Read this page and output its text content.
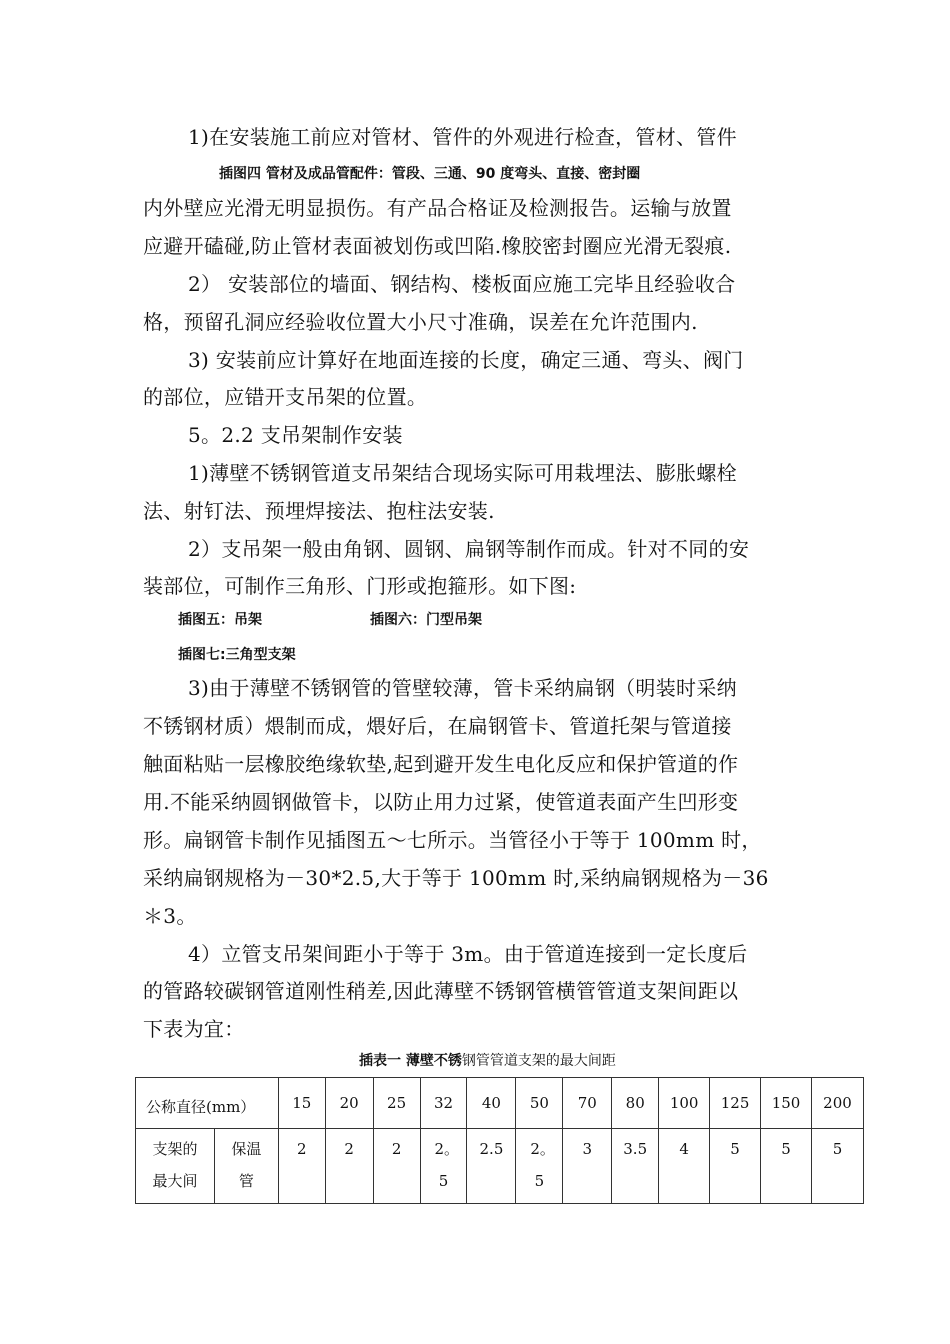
1)在安装施工前应对管材、管件的外观进行检查，管材、管件
插图四 管材及成品管配件：管段、三通、90 度弯头、直接、密封圈
内外壁应光滑无明显损伤。有产品合格证及检测报告。运输与放置
应避开磕碰,防止管材表面被划伤或凹陷.橡胶密封圈应光滑无裂痕.
2） 安装部位的墙面、钢结构、楼板面应施工完毕且经验收合
格，预留孔洞应经验收位置大小尺寸准确，误差在允许范围内.
3) 安装前应计算好在地面连接的长度，确定三通、弯头、阀门
的部位，应错开支吊架的位置。
5。2.2 支吊架制作安装
1)薄壁不锈钢管道支吊架结合现场实际可用栽埋法、膨胀螺栓
法、射钉法、预埋焊接法、抱柱法安装.
2）支吊架一般由角钢、圆钢、扁钢等制作而成。针对不同的安
装部位，可制作三角形、门形或抱箍形。如下图:
插图五：吊架	插图六：门型吊架
插图七:三角型支架
3)由于薄壁不锈钢管的管壁较薄，管卡采纳扁钢（明装时采纳
不锈钢材质）煨制而成，煨好后，在扁钢管卡、管道托架与管道接
触面粘贴一层橡胶绝缘软垫,起到避开发生电化反应和保护管道的作
用.不能采纳圆钢做管卡，以防止用力过紧，使管道表面产生凹形变
形。扁钢管卡制作见插图五～七所示。当管径小于等于 100mm 时，
采纳扁钢规格为－30*2.5,大于等于 100mm 时,采纳扁钢规格为－36
＊3。
4）立管支吊架间距小于等于 3m。由于管道连接到一定长度后
的管路较碳钢管道刚性稍差,因此薄壁不锈钢管横管管道支架间距以
下表为宜：
插表一 薄壁不锈钢管管道支架的最大间距
公称直径(mm）		15	20	25	32	40	50	70	80	100	125	150	200

支架的最大间	保温管	2	2	2	2。5	2.5	2。5	3	3.5	4	5	5	5
